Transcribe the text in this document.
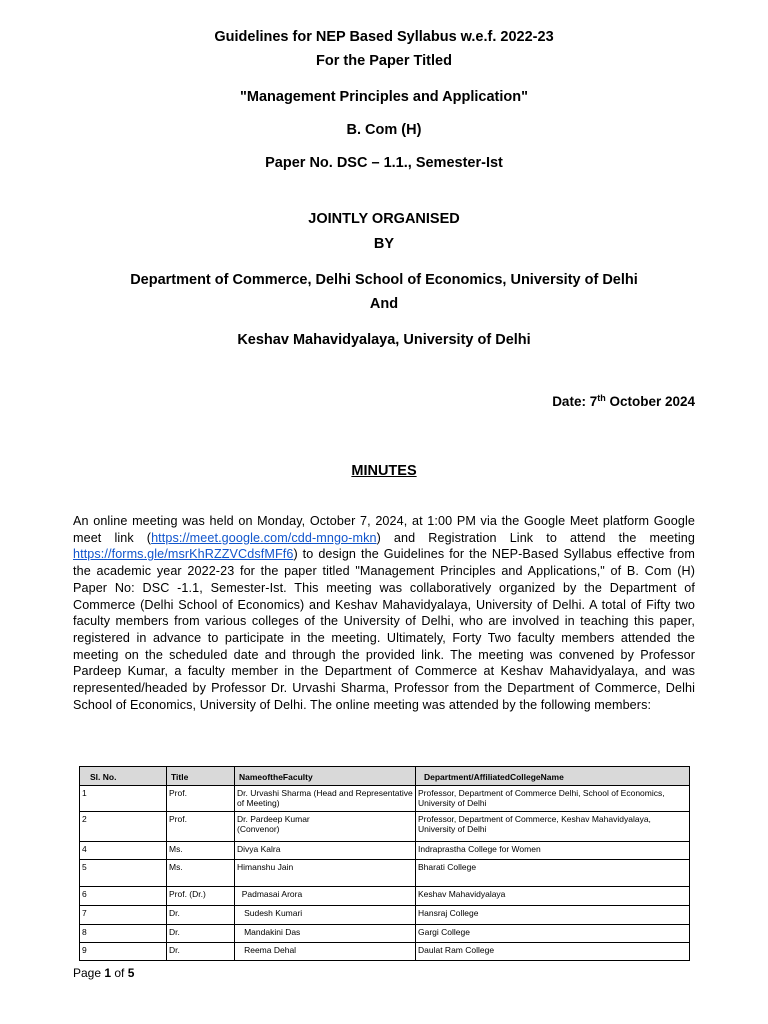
Guidelines for NEP Based Syllabus w.e.f. 2022-23
For the Paper Titled
"Management Principles and Application"
B. Com (H)
Paper No. DSC – 1.1., Semester-Ist
JOINTLY ORGANISED
BY
Department of Commerce, Delhi School of Economics, University of Delhi
And
Keshav Mahavidyalaya, University of Delhi
Date: 7th October 2024
MINUTES
An online meeting was held on Monday, October 7, 2024, at 1:00 PM via the Google Meet platform Google meet link (https://meet.google.com/cdd-mngo-mkn) and Registration Link to attend the meeting https://forms.gle/msrKhRZZVCdsfMFf6) to design the Guidelines for the NEP-Based Syllabus effective from the academic year 2022-23 for the paper titled "Management Principles and Applications," of B. Com (H) Paper No: DSC -1.1, Semester-Ist. This meeting was collaboratively organized by the Department of Commerce (Delhi School of Economics) and Keshav Mahavidyalaya, University of Delhi. A total of Fifty two faculty members from various colleges of the University of Delhi, who are involved in teaching this paper, registered in advance to participate in the meeting. Ultimately, Forty Two faculty members attended the meeting on the scheduled date and through the provided link. The meeting was convened by Professor Pardeep Kumar, a faculty member in the Department of Commerce at Keshav Mahavidyalaya, and was represented/headed by Professor Dr. Urvashi Sharma, Professor from the Department of Commerce, Delhi School of Economics, University of Delhi. The online meeting was attended by the following members:
Sl. No.	Title	NameoftheFaculty	Department/AffiliatedCollegeName
1	Prof.	Dr. Urvashi Sharma (Head and Representative of Meeting)	Professor, Department of Commerce Delhi, School of Economics, University of Delhi
2	Prof.	Dr. Pardeep Kumar
(Convenor)	Professor, Department of Commerce, Keshav Mahavidyalaya, University of Delhi
4	Ms.	Divya Kalra	Indraprastha College for Women
5	Ms.	Himanshu Jain	Bharati College
6	Prof. (Dr.)	Padmasai Arora	Keshav Mahavidyalaya
7	Dr.	Sudesh Kumari	Hansraj College
8	Dr.	Mandakini Das	Gargi College
9	Dr.	Reema Dehal	Daulat Ram College
Page 1 of 5
